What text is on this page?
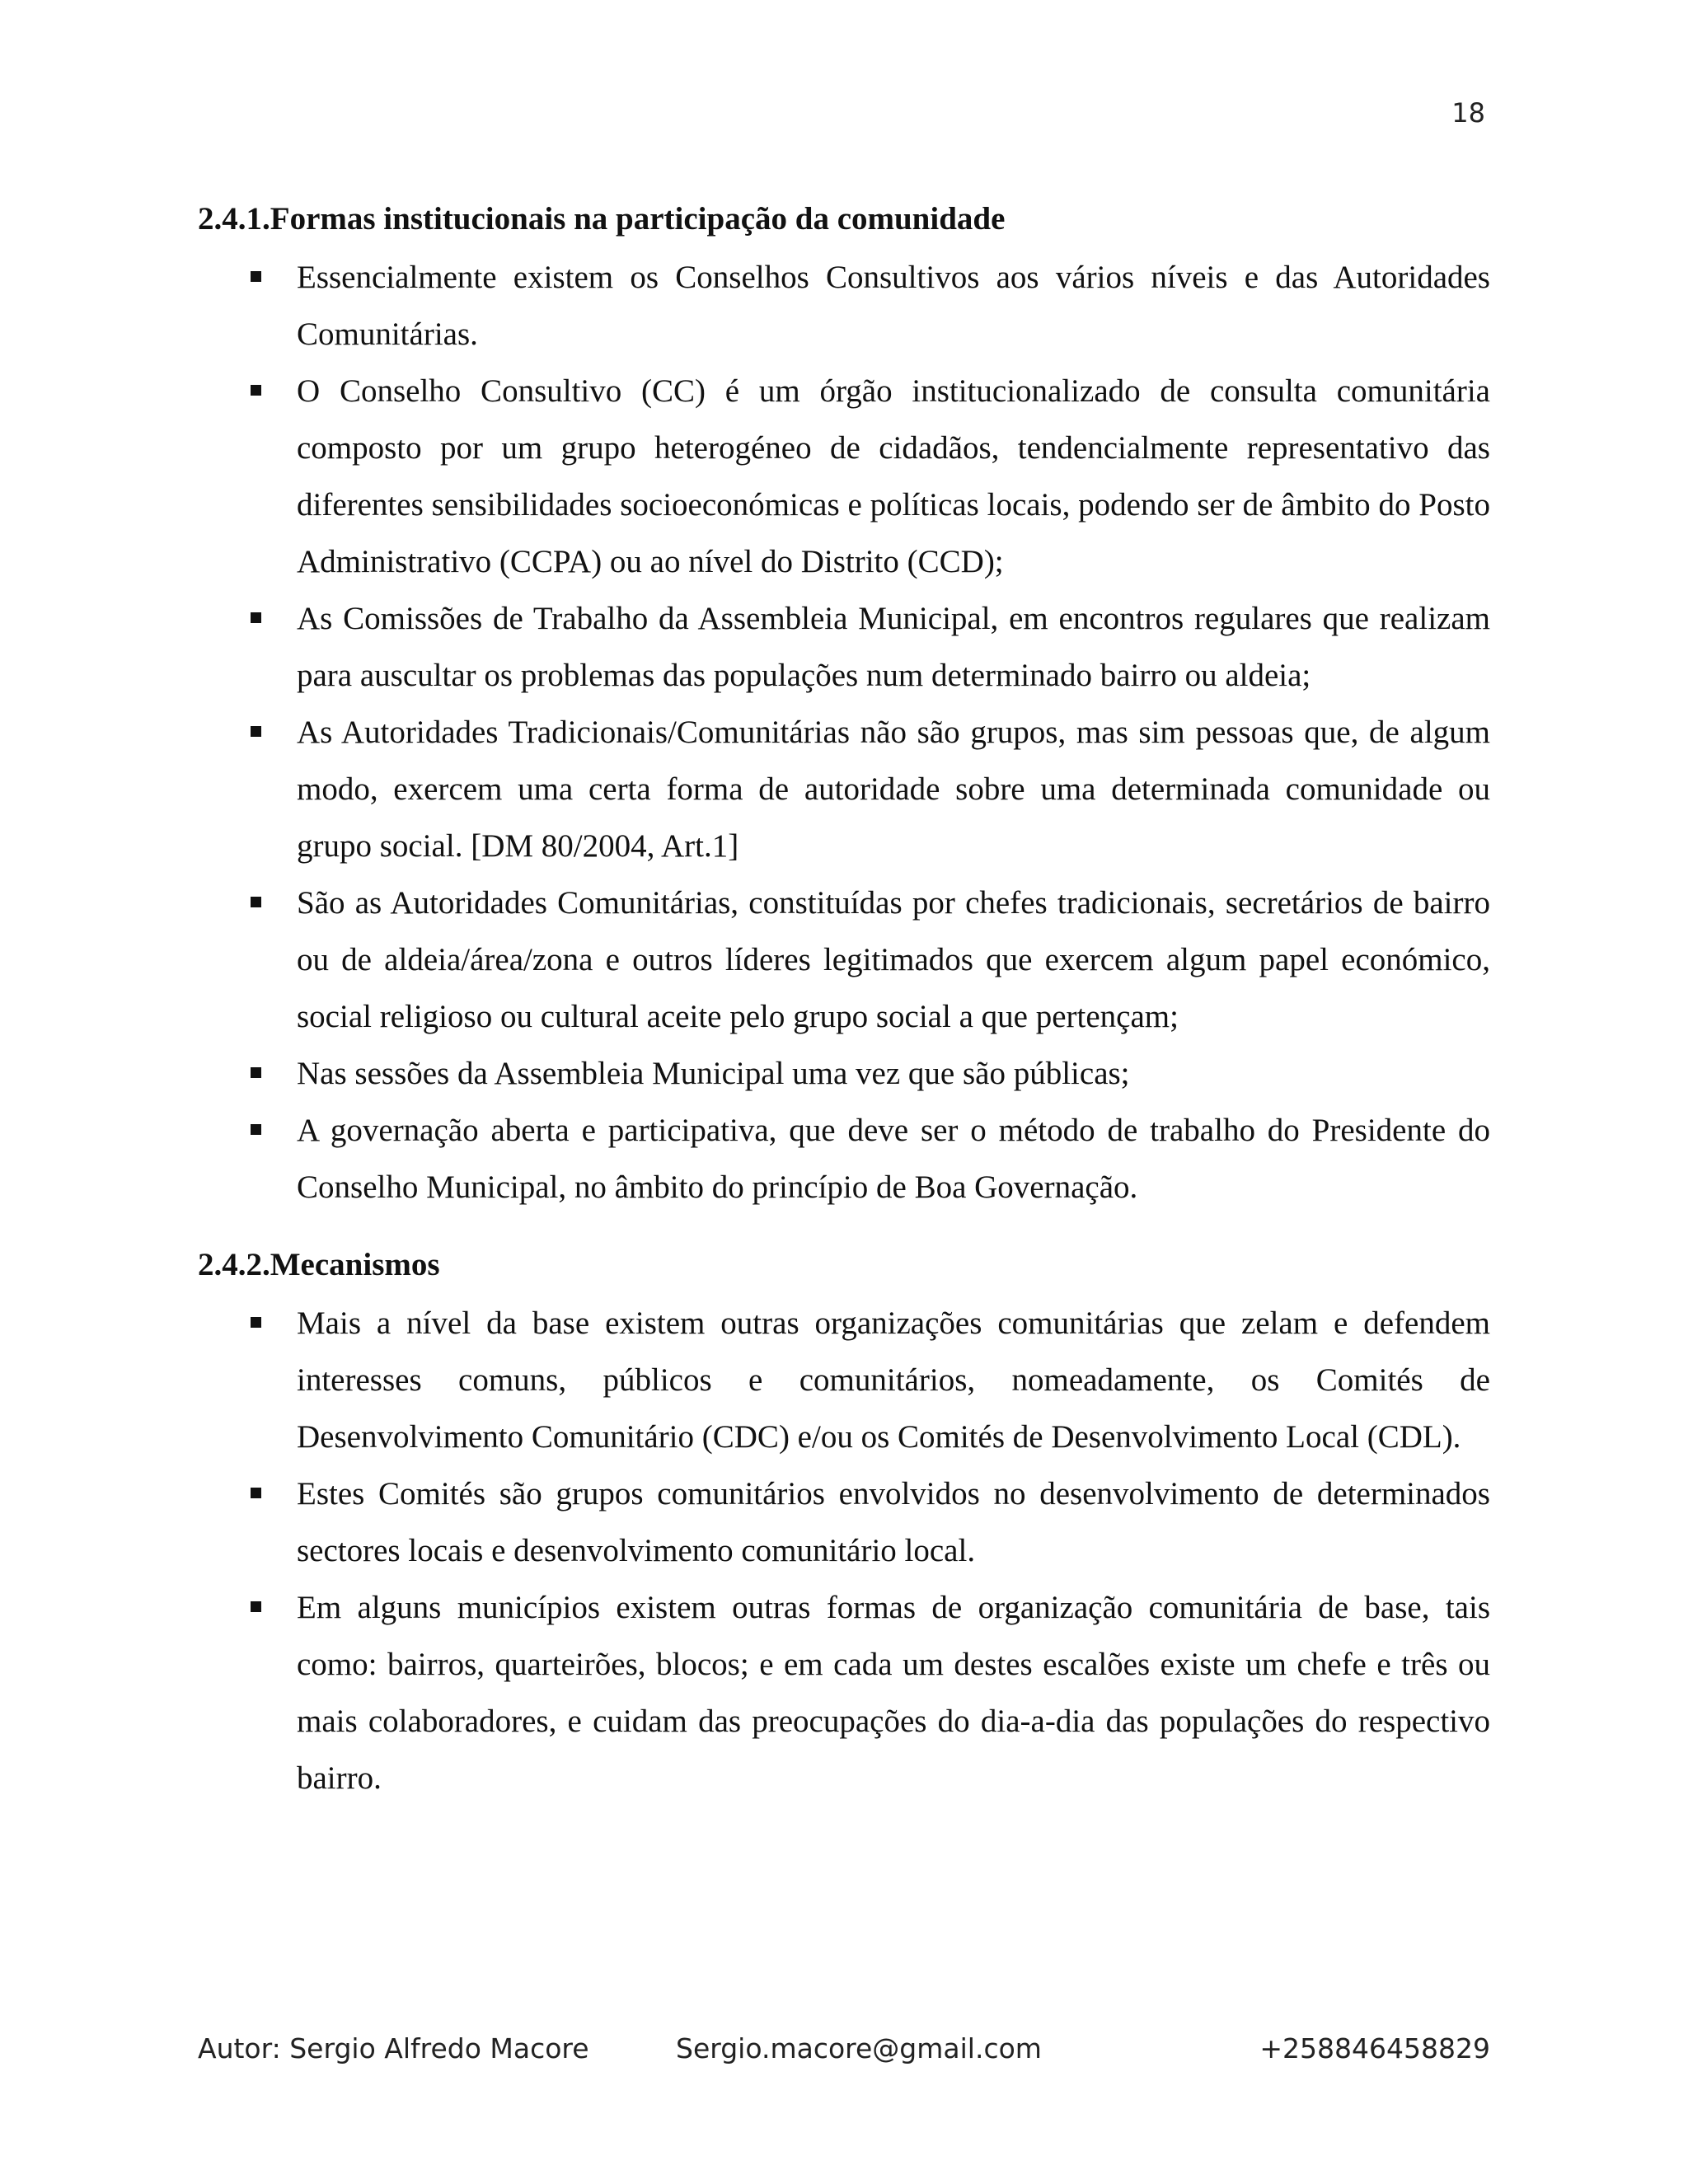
18
2.4.1.Formas institucionais na participação da comunidade
Essencialmente existem os Conselhos Consultivos aos vários níveis e das Autoridades Comunitárias.
O Conselho Consultivo (CC) é um órgão institucionalizado de consulta comunitária composto por um grupo heterogéneo de cidadãos, tendencialmente representativo das diferentes sensibilidades socioeconómicas e políticas locais, podendo ser de âmbito do Posto Administrativo (CCPA) ou ao nível do Distrito (CCD);
As Comissões de Trabalho da Assembleia Municipal, em encontros regulares que realizam para auscultar os problemas das populações num determinado bairro ou aldeia;
As Autoridades Tradicionais/Comunitárias não são grupos, mas sim pessoas que, de algum modo, exercem uma certa forma de autoridade sobre uma determinada comunidade ou grupo social. [DM 80/2004, Art.1]
São as Autoridades Comunitárias, constituídas por chefes tradicionais, secretários de bairro ou de aldeia/área/zona e outros líderes legitimados que exercem algum papel económico, social religioso ou cultural aceite pelo grupo social a que pertençam;
Nas sessões da Assembleia Municipal uma vez que são públicas;
A governação aberta e participativa, que deve ser o método de trabalho do Presidente do Conselho Municipal, no âmbito do princípio de Boa Governação.
2.4.2.Mecanismos
Mais a nível da base existem outras organizações comunitárias que zelam e defendem interesses comuns, públicos e comunitários, nomeadamente, os Comités de Desenvolvimento Comunitário (CDC) e/ou os Comités de Desenvolvimento Local (CDL).
Estes Comités são grupos comunitários envolvidos no desenvolvimento de determinados sectores locais e desenvolvimento comunitário local.
Em alguns municípios existem outras formas de organização comunitária de base, tais como: bairros, quarteirões, blocos; e em cada um destes escalões existe um chefe e três ou mais colaboradores, e cuidam das preocupações do dia-a-dia das populações do respectivo bairro.
Autor: Sergio Alfredo Macore	Sergio.macore@gmail.com	+258846458829
